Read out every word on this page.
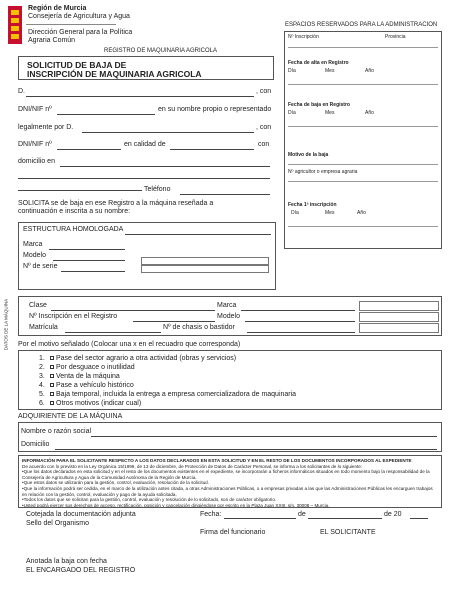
Región de Murcia
Consejería de Agricultura y Agua
Dirección General para la Política
Agraria Común
REGISTRO DE MAQUINARIA AGRICOLA
ESPACIOS RESERVADOS PARA LA ADMINISTRACION
SOLICITUD DE BAJA DE
INSCRIPCIÓN DE MAQUINARIA AGRICOLA
Nº Inscripción	Provincia
Fecha de alta en Registro
Día	Mes	Año
Fecha de baja en Registro
Día	Mes	Año
Motivo de la baja
Nº agricultor o empresa agraria
Fecha 1ª inscripción
Día	Mes	Año
D.	, con
DNI/NIF nº	en su nombre propio o representado
legalmente por D.	, con
DNI/NIF nº	en calidad de	con
domicilio en
Teléfono
SOLICITA se de baja en ese Registro a la máquina reseñada a
continuación e inscrita a su nombre:
ESTRUCTURA HOMOLOGADA
Marca
Modelo
Nº de serie
DATOS DE LA MÁQUINA	Clase	Marca
Nº Inscripción en el Registro	Modelo
Matrícula	Nº de chasis o bastidor
Por el motivo señalado (Colocar una x en el recuadro que corresponda)
1. Pase del sector agrario a otra actividad (obras y servicios)
2. Por desguace o inutilidad
3. Venta de la máquina
4. Pase a vehículo histórico
5. Baja temporal, incluida la entrega a empresa comercializadora de maquinaria
6. Otros motivos (indicar cual)
ADQUIRIENTE DE LA MÁQUINA
Nombre o razón social
Domicilio
INFORMACIÓN PARA EL SOLICITANTE RESPECTO A LOS DATOS DECLARADOS EN ESTA SOLICITUD Y EN EL RESTO DE LOS DOCUMENTOS INCORPORADOS AL EXPEDIENTE
De acuerdo con lo previsto en la Ley Orgánica 15/1999, de 13 de diciembre, de Protección de Datos de Carácter Personal, se informa a los solicitantes de lo siguiente:
•Que los datos declarados en esta solicitud y en el resto de los documentos existentes en el expediente, se incorporarán a ficheros informáticos situados en todo momento bajo la responsabilidad de la Consejería de Agricultura y Agua de la Comunidad Autónoma de la Región de Murcia.
•Que estos datos se utilizarán para la gestión, control, evaluación, resolución de la solicitud.
•Que la información podrá ser cedida, en el marco de la utilización antes citada, a otras Administraciones Públicas, o a empresas privadas a las que las Administraciones Públicas les encarguen trabajos en relación con la gestión, control, evaluación y pago de la ayuda solicitada.
•Todos los datos que se solicitan para la gestión, control, evaluación y resolución de lo solicitado, son de carácter obligatorio.
•Usted podrá ejercer sus derechos de acceso, rectificación, posición y cancelación dirigiéndose por escrito en la Plaza Juan XXIII, s/n, 30008 – Murcia.
Cotejada la documentación adjunta
Sello del Organismo
Fecha:	de	de 20
Firma del funcionario	EL SOLICITANTE
Anotada la baja con fecha
EL ENCARGADO DEL REGISTRO
